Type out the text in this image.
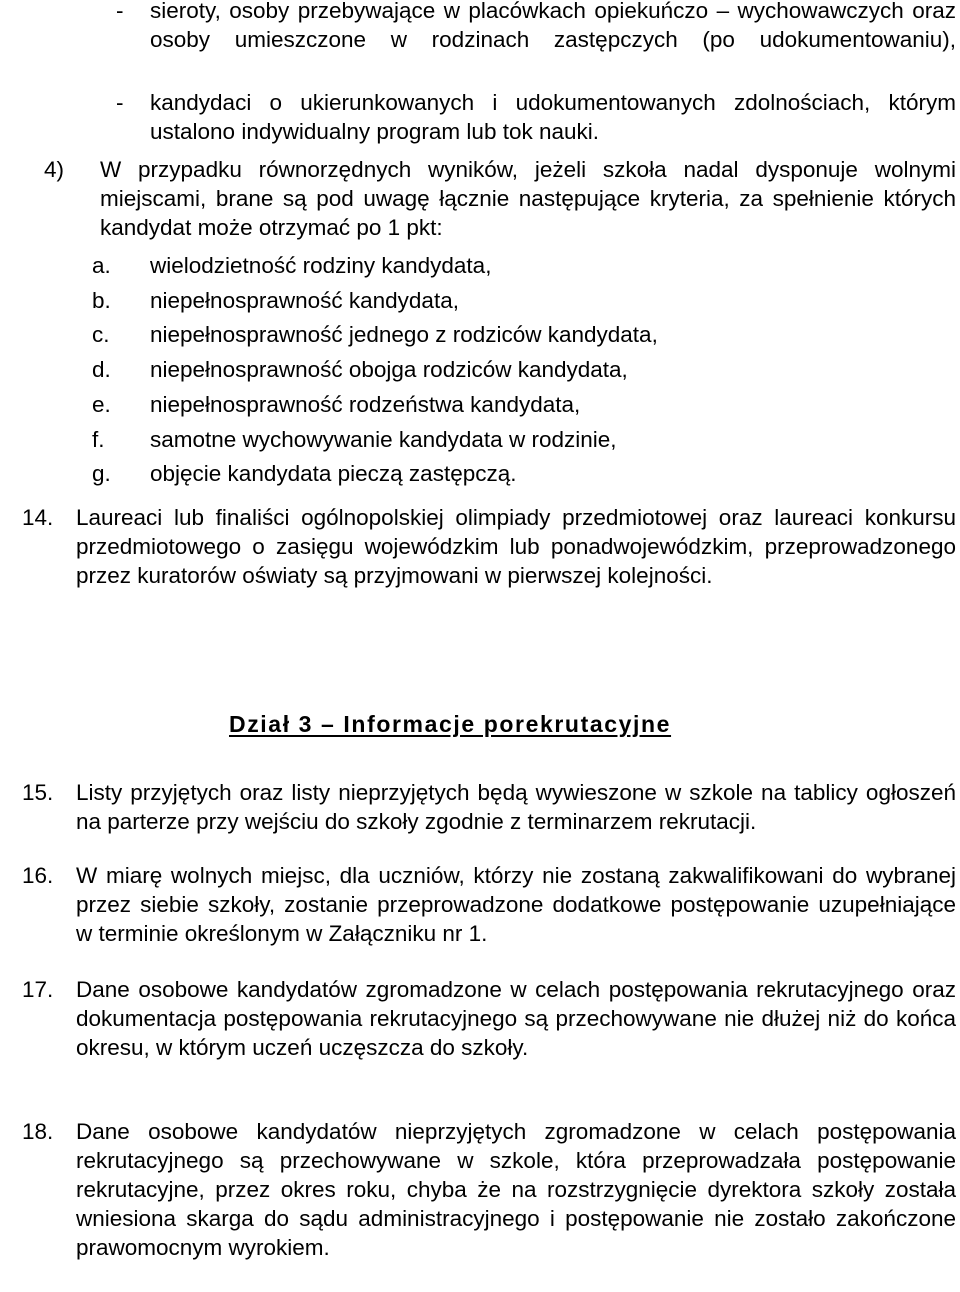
-	sieroty, osoby przebywające w placówkach opiekuńczo – wychowawczych oraz osoby umieszczone w rodzinach zastępczych (po udokumentowaniu),
-	kandydaci o ukierunkowanych i udokumentowanych zdolnościach, którym ustalono indywidualny program lub tok nauki.
4)	W przypadku równorzędnych wyników, jeżeli szkoła nadal dysponuje wolnymi miejscami, brane są pod uwagę łącznie następujące kryteria, za spełnienie których kandydat może otrzymać po 1 pkt:
a.	wielodzietność rodziny kandydata,
b.	niepełnosprawność kandydata,
c.	niepełnosprawność jednego z rodziców kandydata,
d.	niepełnosprawność obojga rodziców kandydata,
e.	niepełnosprawność rodzeństwa kandydata,
f.	samotne wychowywanie kandydata w rodzinie,
g.	objęcie kandydata pieczą zastępczą.
14.	Laureaci lub finaliści ogólnopolskiej olimpiady przedmiotowej oraz laureaci konkursu przedmiotowego o zasięgu wojewódzkim lub ponadwojewódzkim, przeprowadzonego przez kuratorów oświaty są przyjmowani w pierwszej kolejności.
Dział 3 – Informacje porekrutacyjne
15.	Listy przyjętych oraz listy nieprzyjętych będą wywieszone w szkole na tablicy ogłoszeń na parterze przy wejściu do szkoły zgodnie z terminarzem rekrutacji.
16.	W miarę wolnych miejsc, dla uczniów, którzy nie zostaną zakwalifikowani do wybranej przez siebie szkoły, zostanie przeprowadzone dodatkowe postępowanie uzupełniające w terminie określonym w Załączniku nr 1.
17.	Dane osobowe kandydatów zgromadzone w celach postępowania rekrutacyjnego oraz dokumentacja postępowania rekrutacyjnego są przechowywane nie dłużej niż do końca okresu, w którym uczeń uczęszcza do szkoły.
18.	Dane osobowe kandydatów nieprzyjętych zgromadzone w celach postępowania rekrutacyjnego są przechowywane w szkole, która przeprowadzała postępowanie rekrutacyjne, przez okres roku, chyba że na rozstrzygnięcie dyrektora szkoły została wniesiona skarga do sądu administracyjnego i postępowanie nie zostało zakończone prawomocnym wyrokiem.
